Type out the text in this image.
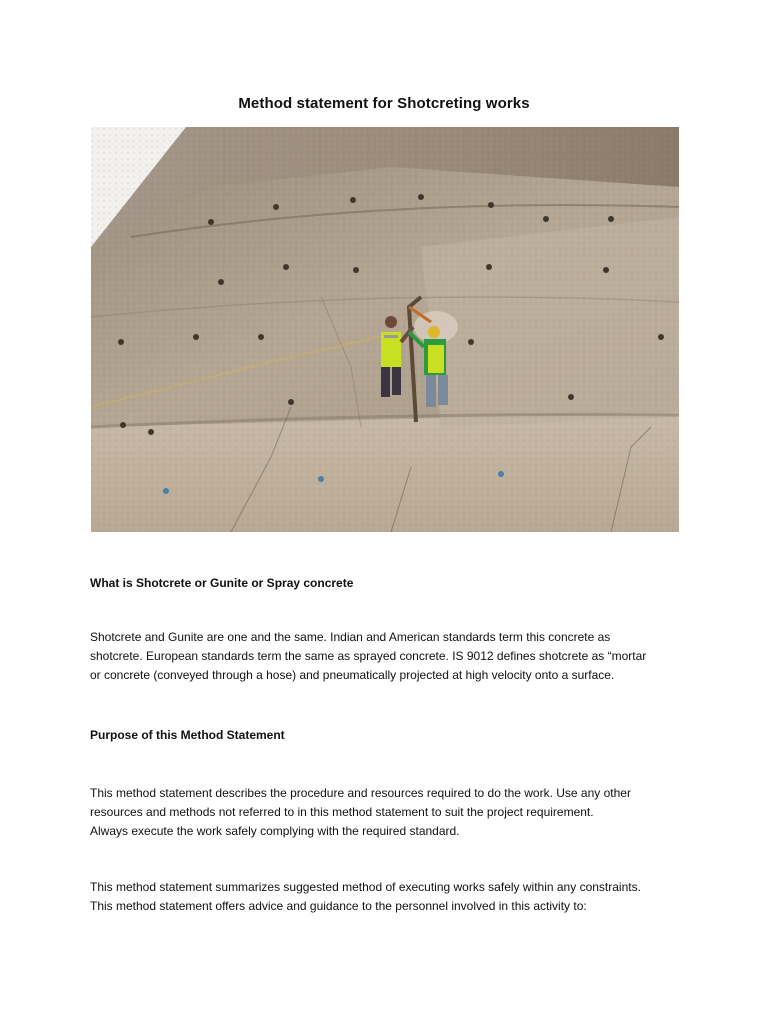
Method statement for Shotcreting works
What is Shotcrete or Gunite or Spray concrete
Shotcrete and Gunite are one and the same. Indian and American standards term this concrete as
shotcrete. European standards term the same as sprayed concrete. IS 9012 defines shotcrete as “mortar
or concrete (conveyed through a hose) and pneumatically projected at high velocity onto a surface.
Purpose of this Method Statement
This method statement describes the procedure and resources required to do the work. Use any other
resources and methods not referred to in this method statement to suit the project requirement.
Always execute the work safely complying with the required standard.
This method statement summarizes suggested method of executing works safely within any constraints.
This method statement offers advice and guidance to the personnel involved in this activity to:
